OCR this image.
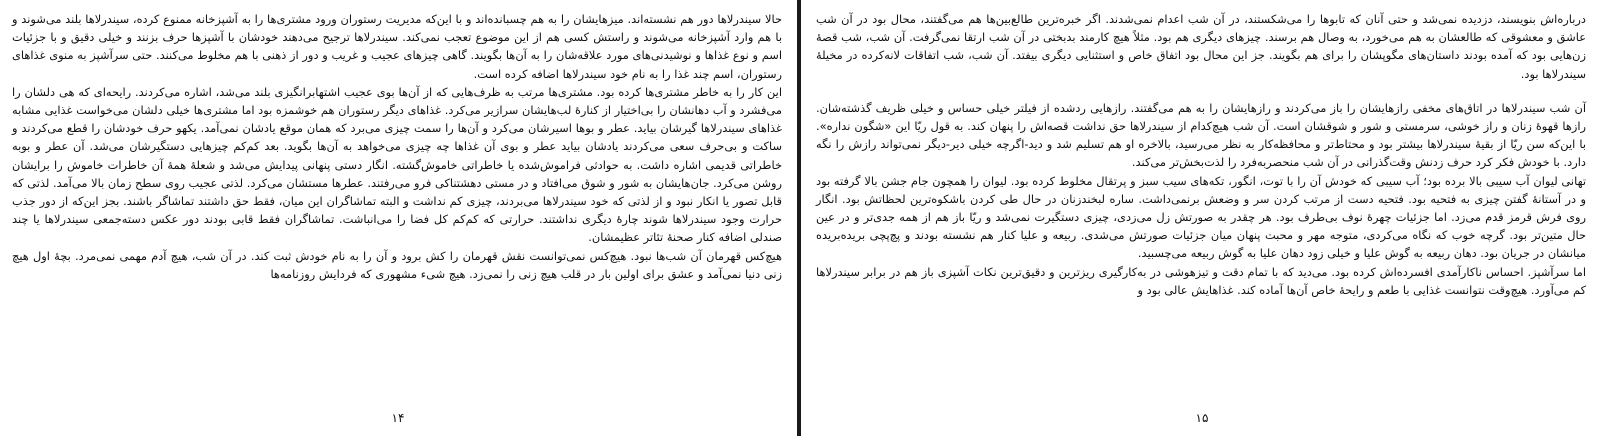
حالا سیندرلاها دور هم نشسته‌اند. میزهایشان را به هم چسبانده‌اند و با این‌که مدیریت رستوران ورود مشتری‌ها را به آشپزخانه ممنوع کرده، سیندرلاها بلند می‌شوند و با هم وارد آشپزخانه می‌شوند و راستش کسی هم از این موضوع تعجب نمی‌کند. سیندرلاها ترجیح می‌دهند خودشان با آشپزها حرف بزنند و خیلی دقیق و با جزئیات اسم و نوع غذاها و نوشیدنی‌های مورد علاقه‌شان را به آن‌ها بگویند. گاهی چیزهای عجیب و غریب و دور از ذهنی با هم مخلوط می‌کنند. حتی سرآشپز به منوی غذاهای رستوران، اسم چند غذا را به نام خود سیندرلاها اضافه کرده است.

این کار را به خاطر مشتری‌ها کرده بود. مشتری‌ها مرتب به ظرف‌هایی که از آن‌ها بوی عجیب اشتهابرانگیزی بلند می‌شد، اشاره می‌کردند. رایحه‌ای که هی دلشان را می‌فشرد و آب دهانشان را بی‌اختیار از کنارهٔ لب‌هایشان سرازیر می‌کرد. غذاهای دیگر رستوران هم خوشمزه بود اما مشتری‌ها خیلی دلشان می‌خواست غذایی مشابه غذاهای سیندرلاها گیرشان بیاید. عطر و بوها اسیرشان می‌کرد و آن‌ها را سمت چیزی می‌برد که همان موقع یادشان نمی‌آمد. یکهو حرف خودشان را قطع می‌کردند و ساکت و بی‌حرف سعی می‌کردند یادشان بیاید عطر و بوی آن غذاها چه چیزی می‌خواهد به آن‌ها بگوید. بعد کم‌کم چیزهایی دستگیرشان می‌شد. آن عطر و بوبه خاطراتی قدیمی اشاره داشت. به حوادثی فراموش‌شده یا خاطراتی خاموش‌گشته. انگار دستی پنهانی پیدایش می‌شد و شعلهٔ همهٔ آن خاطرات خاموش را برایشان روشن می‌کرد. جان‌هایشان به شور و شوق می‌افتاد و در مستی دهشتناکی فرو می‌رفتند. عطرها مستشان می‌کرد. لذتی عجیب روی سطح زمان بالا می‌آمد. لذتی که قابل تصور یا انکار نبود و از لذتی که خود سیندرلاها می‌بردند، چیزی کم نداشت و البته تماشاگران این میان، فقط حق داشتند تماشاگر باشند. بجز این‌که از دور جذب حرارت وجود سیندرلاها شوند چارهٔ دیگری نداشتند. حرارتی که کم‌کم کل فضا را می‌انباشت. تماشاگران فقط قابی بودند دور عکس دسته‌جمعی سیندرلاها یا چند صندلی اضافه کنار صحنهٔ تئاتر عظیمشان.

هیچ‌کس قهرمان آن شب‌ها نبود. هیچ‌کس نمی‌توانست نقش قهرمان را کش برود و آن را به نام خودش ثبت کند. در آن شب، هیچ آدم مهمی نمی‌مرد. بچهٔ اول هیچ زنی دنیا نمی‌آمد و عشق برای اولین بار در قلب هیچ زنی را نمی‌زد. هیچ شیء مشهوری که فردایش روزنامه‌ها

۱۴

درباره‌اش بنویسند، دزدیده نمی‌شد و حتی آنان که تابوها را می‌شکستند، در آن شب اعدام نمی‌شدند. اگر خبره‌ترین طالع‌بین‌ها هم می‌گفتند، محال بود در آن شب عاشق و معشوقی که طالعشان به هم می‌خورد، به وصال هم برسند. چیزهای دیگری هم بود. مثلاً هیچ کارمند بدبختی در آن شب ارتقا نمی‌گرفت. آن شب، شب قصهٔ زن‌هایی بود که آمده بودند داستان‌های مگوپشان را برای هم بگویند. جز این محال بود اتفاق خاص و استثنایی دیگری بیفتد. آن شب، شب اتفاقات لانه‌کرده در مخیلهٔ سیندرلاها بود.

آن شب سیندرلاها در اتاق‌های مخفی رازهایشان را باز می‌کردند و رازهایشان را به هم می‌گفتند. رازهایی ردشده از فیلتر خیلی حساس و خیلی ظریف گذشته‌شان. رازها قهوهٔ زنان و راز خوشی، سرمستی و شور و شوقشان است. آن شب هیچ‌کدام از سیندرلاها حق نداشت قصه‌اش را پنهان کند. به قول ریّا این «شگون نداره». با این‌که سن ریّا از بقیهٔ سیندرلاها بیشتر بود و محتاط‌تر و محافظه‌کار به نظر می‌رسید، بالاخره او هم تسلیم شد و دید-اگرچه خیلی دیر-دیگر نمی‌تواند رازش را نگه دارد. با خودش فکر کرد حرف زدنش وقت‌گذرانی در آن شب منحصربه‌فرد را لذت‌بخش‌تر می‌کند.

تهانی لیوان آب سیبی بالا برده بود؛ آب سیبی که خودش آن را با توت، انگور، تکه‌های سیب سبز و پرتقال مخلوط کرده بود. لیوان را همچون جام جشن بالا گرفته بود و در آستانهٔ گفتن چیزی به فتحیه بود. فتحیه دست از مرتب کردن سر و وضعش برنمی‌داشت. ساره لبخندزنان در حال طی کردن باشکوه‌ترین لحظاتش بود. انگار روی فرش قرمز قدم می‌زد. اما جزئیات چهرهٔ نوف بی‌طرف بود. هر چقدر به صورتش زل می‌زدی، چیزی دستگیرت نمی‌شد و ریّا باز هم از همه جدی‌تر و در عین حال متین‌تر بود. گرچه خوب که نگاه می‌کردی، متوجه مهر و محبت پنهان میان جزئیات صورتش می‌شدی. ربیعه و علیا کنار هم نشسته بودند و پچ‌پچی بریده‌بریده میانشان در جریان بود. دهان ربیعه به گوش علیا و خیلی زود دهان علیا به گوش ربیعه می‌چسبید.

اما سرآشپز. احساس ناکارآمدی افسرده‌اش کرده بود. می‌دید که با تمام دقت و تیزهوشی در به‌کارگیری ریزترین و دقیق‌ترین نکات آشپزی باز هم در برابر سیندرلاها کم می‌آورد. هیچ‌وقت نتوانست غذایی با طعم و رایحهٔ خاص آن‌ها آماده کند. غذاهایش عالی بود و

۱۵
